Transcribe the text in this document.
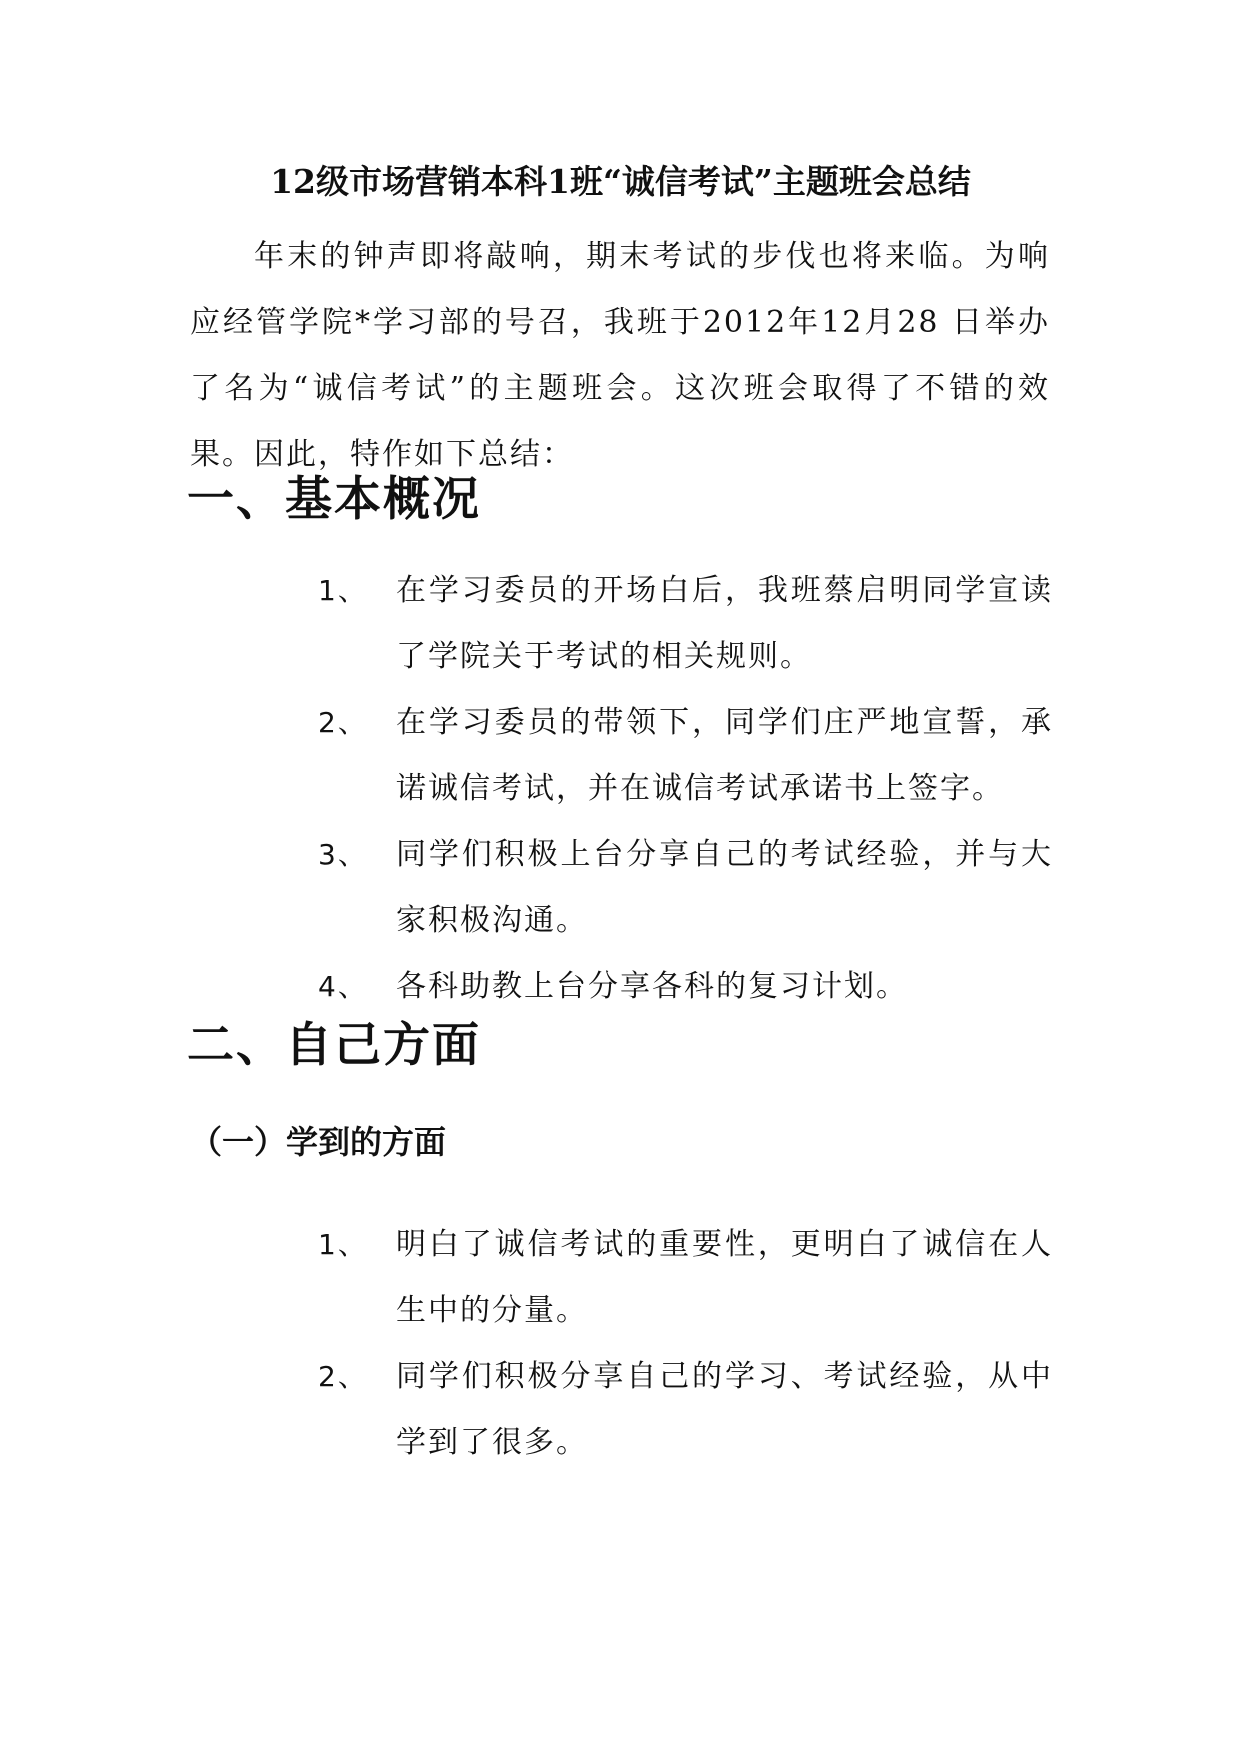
12级市场营销本科1班“诚信考试”主题班会总结

年末的钟声即将敲响，期末考试的步伐也将来临。为响应经管学院*学习部的号召，我班于2012年12月28 日举办了名为“诚信考试”的主题班会。这次班会取得了不错的效果。因此，特作如下总结：

一、基本概况
1、 在学习委员的开场白后，我班蔡启明同学宣读了学院关于考试的相关规则。
2、 在学习委员的带领下，同学们庄严地宣誓，承诺诚信考试，并在诚信考试承诺书上签字。
3、 同学们积极上台分享自己的考试经验，并与大家积极沟通。
4、 各科助教上台分享各科的复习计划。
二、自己方面
（一）学到的方面
1、 明白了诚信考试的重要性，更明白了诚信在人生中的分量。
2、 同学们积极分享自己的学习、考试经验，从中学到了很多。
